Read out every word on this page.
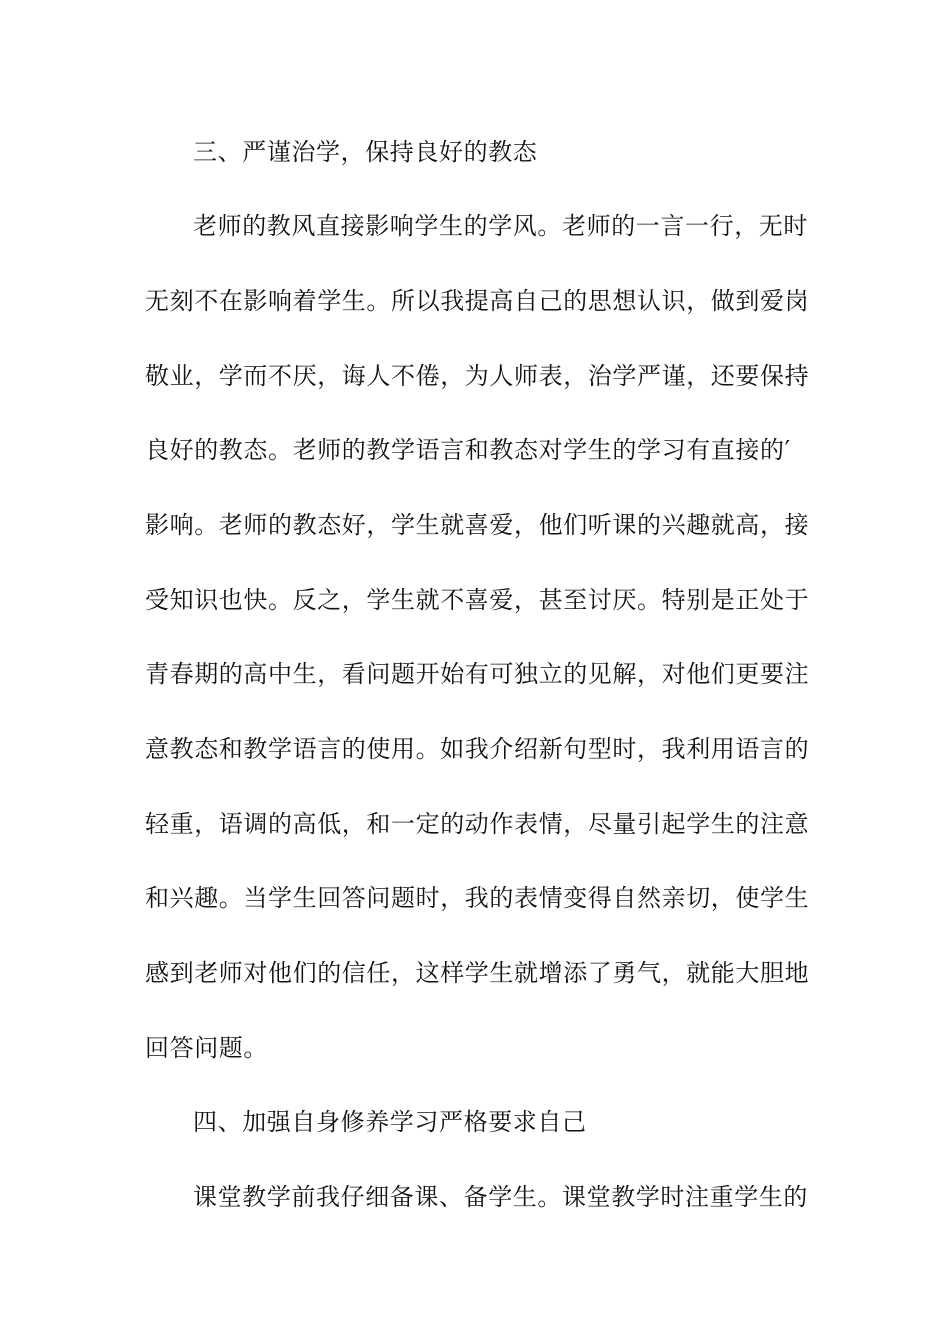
三、严谨治学，保持良好的教态
老师的教风直接影响学生的学风。老师的一言一行，无时
无刻不在影响着学生。所以我提高自己的思想认识，做到爱岗
敬业，学而不厌，诲人不倦，为人师表，治学严谨，还要保持
良好的教态。老师的教学语言和教态对学生的学习有直接的′
影响。老师的教态好，学生就喜爱，他们听课的兴趣就高，接
受知识也快。反之，学生就不喜爱，甚至讨厌。特别是正处于
青春期的高中生，看问题开始有可独立的见解，对他们更要注
意教态和教学语言的使用。如我介绍新句型时，我利用语言的
轻重，语调的高低，和一定的动作表情，尽量引起学生的注意
和兴趣。当学生回答问题时，我的表情变得自然亲切，使学生
感到老师对他们的信任，这样学生就增添了勇气，就能大胆地
回答问题。
四、加强自身修养学习严格要求自己
课堂教学前我仔细备课、备学生。课堂教学时注重学生的
